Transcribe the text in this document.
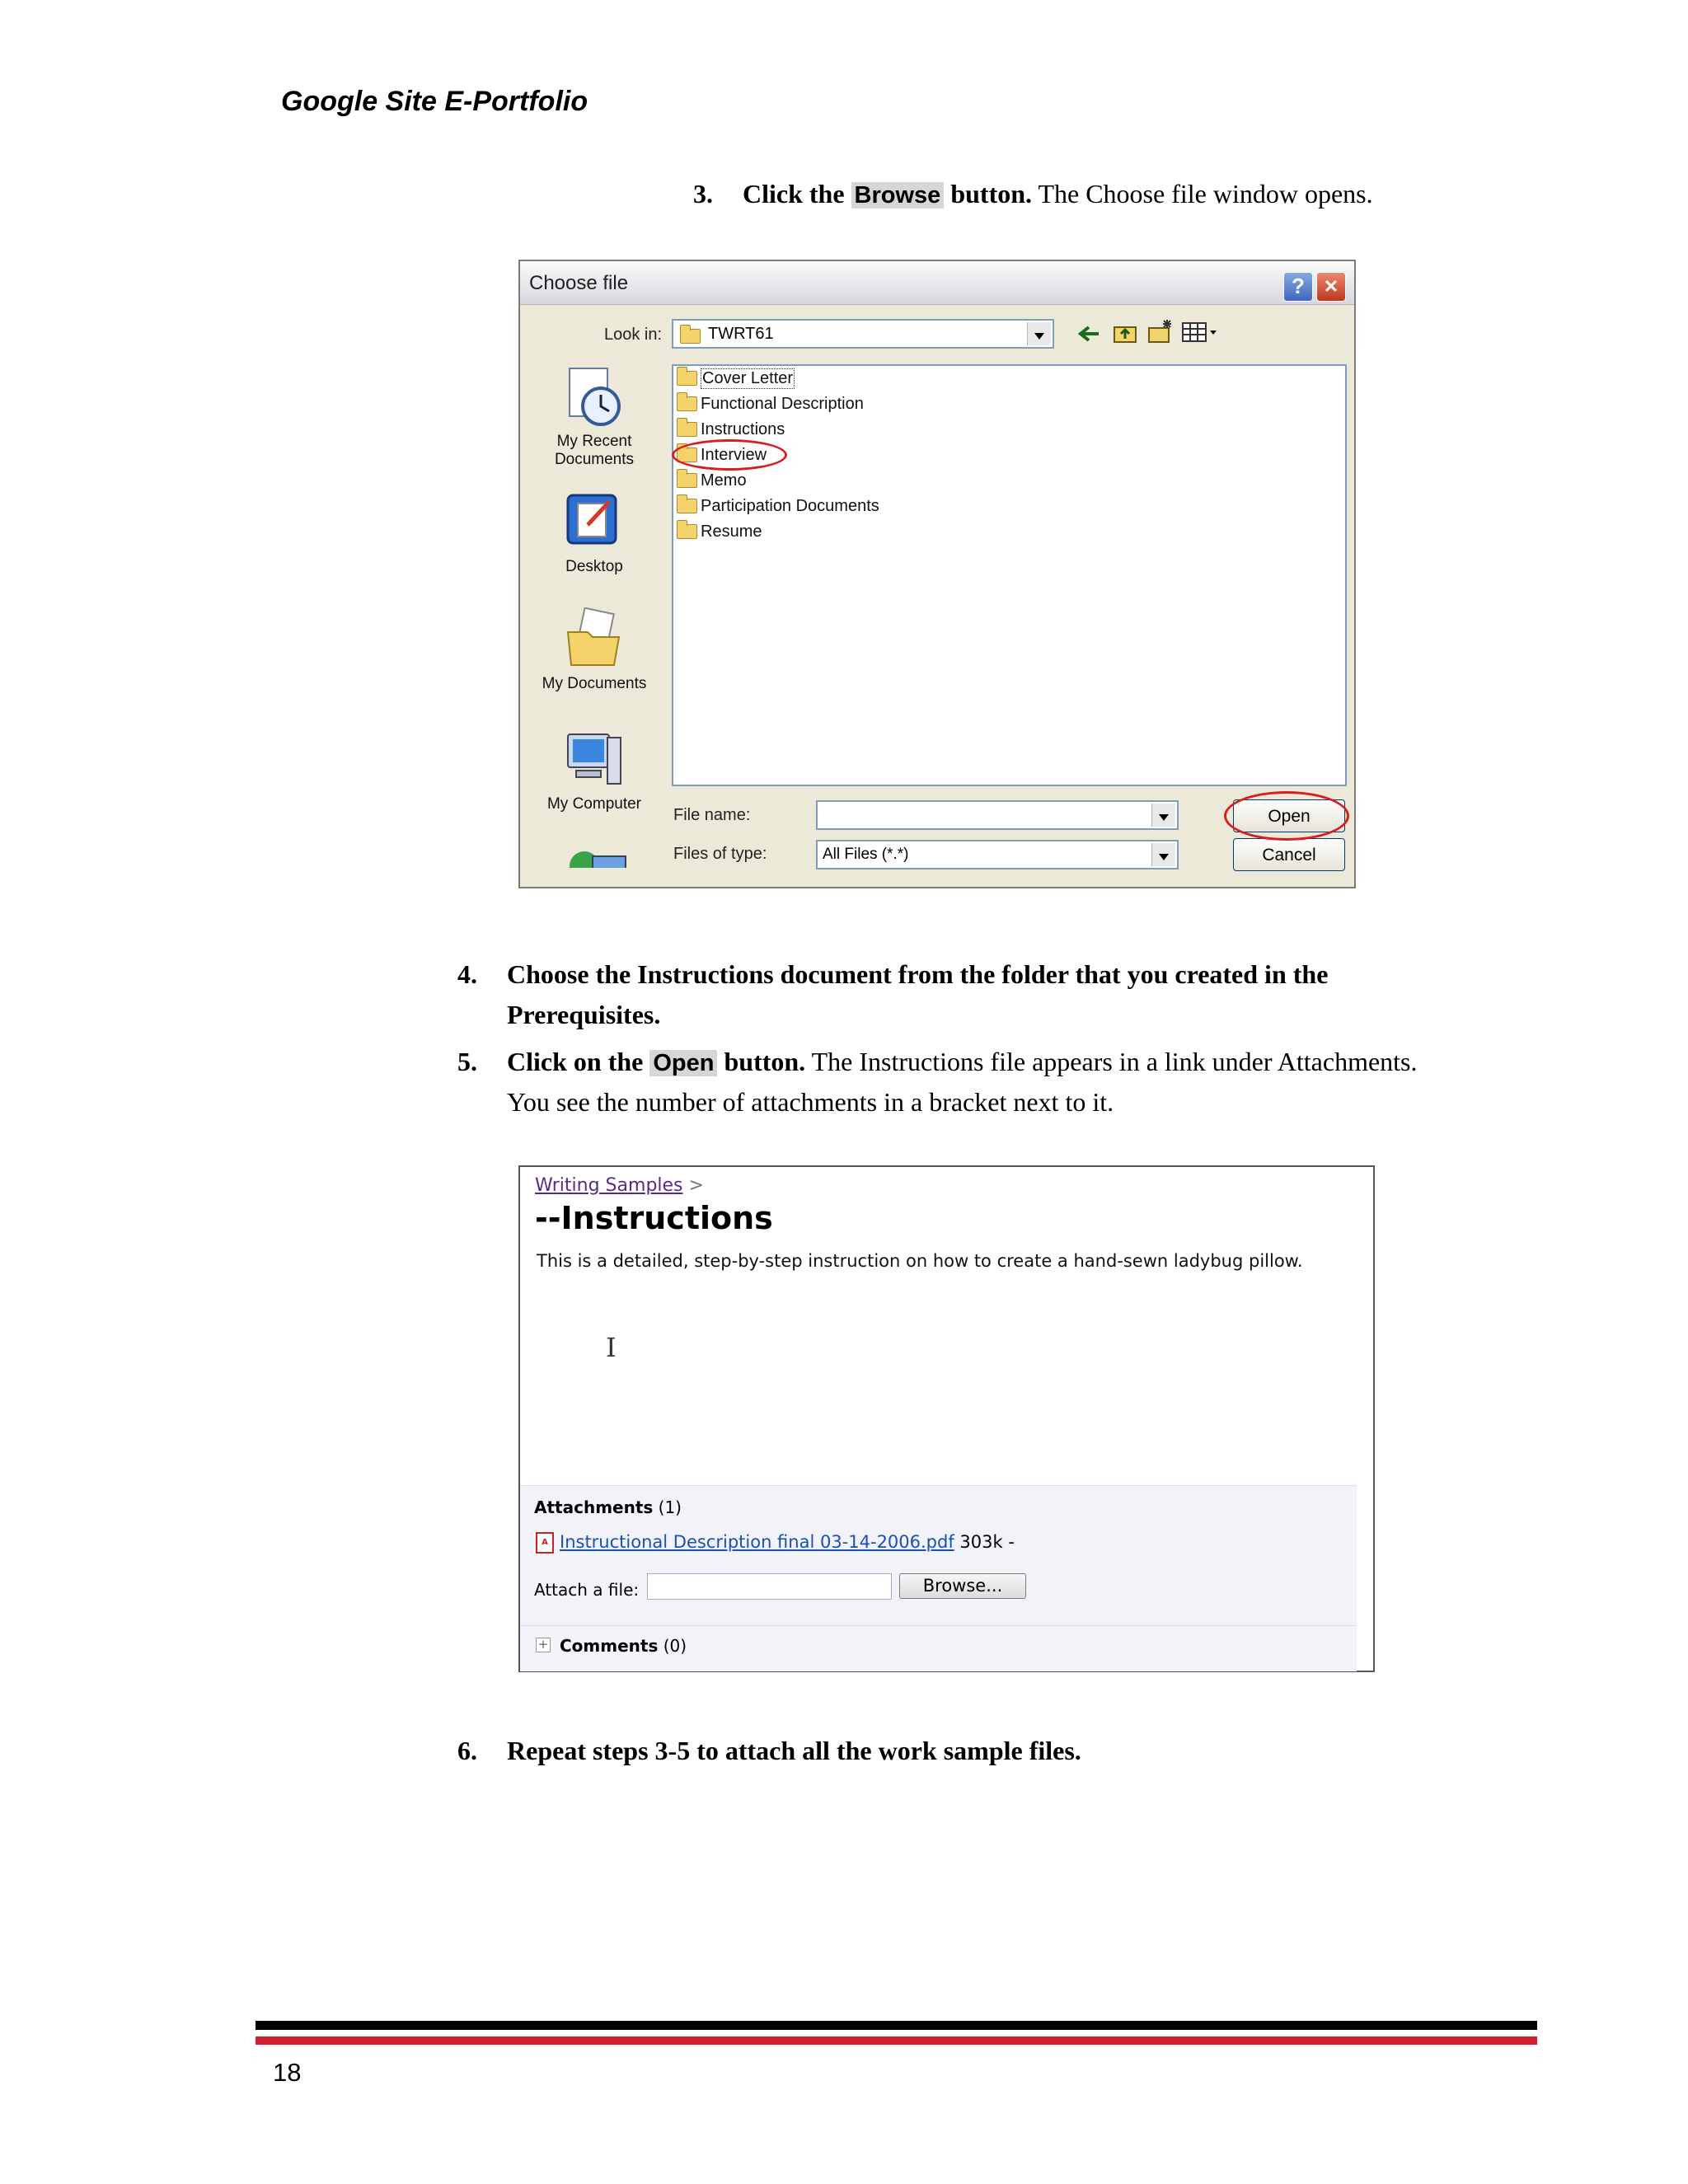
Google Site E-Portfolio
3. Click the Browse button. The Choose file window opens.
Choose file	?	✕
Look in:	TWRT61
My Recent
Documents
Desktop
My Documents
My Computer
Cover Letter
Functional Description
Instructions
Interview
Memo
Participation Documents
Resume
File name:
Files of type:	All Files (*.*)
Open
Cancel
4. Choose the Instructions document from the folder that you created in the
Prerequisites.
5. Click on the Open button. The Instructions file appears in a link under Attachments.
You see the number of attachments in a bracket next to it.
Writing Samples >
--Instructions
This is a detailed, step-by-step instruction on how to create a hand-sewn ladybug pillow.
I
Attachments (1)
A Instructional Description final 03-14-2006.pdf 303k -
Attach a file:	Browse...
+ Comments (0)
6. Repeat steps 3-5 to attach all the work sample files.
18
